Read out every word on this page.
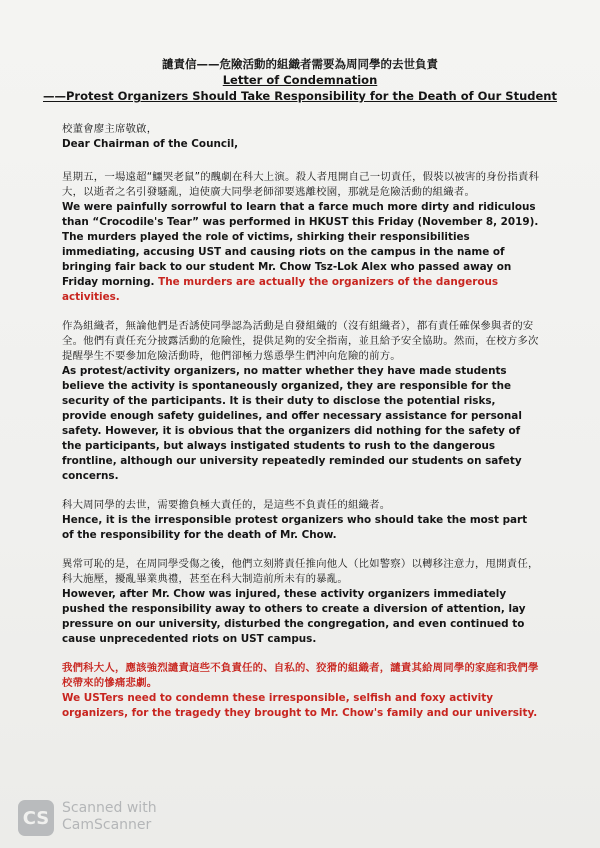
譴責信——危險活動的組織者需要為周同學的去世負責
Letter of Condemnation
——Protest Organizers Should Take Responsibility for the Death of Our Student

校董會廖主席敬啟，

Dear Chairman of the Council,

星期五，一場遠超“鱷哭老鼠”的醜劇在科大上演。殺人者甩開自己一切責任，假裝以被害的身份指責科大，以逝者之名引發騷亂，迫使廣大同學老師卻要逃離校園，那就是危險活動的組織者。

We were painfully sorrowful to learn that a farce much more dirty and ridiculous than “Crocodile's Tear” was performed in HKUST this Friday (November 8, 2019). The murders played the role of victims, shirking their responsibilities immediating, accusing UST and causing riots on the campus in the name of bringing fair back to our student Mr. Chow Tsz-Lok Alex who passed away on Friday morning. The murders are actually the organizers of the dangerous activities.

作為組織者，無論他們是否誘使同學認為活動是自發組織的（沒有組織者），都有責任確保參與者的安全。他們有責任充分披露活動的危險性，提供足夠的安全指南，並且給予安全協助。然而，在校方多次提醒學生不要參加危險活動時，他們卻極力慫恿學生們沖向危險的前方。

As protest/activity organizers, no matter whether they have made students believe the activity is spontaneously organized, they are responsible for the security of the participants. It is their duty to disclose the potential risks, provide enough safety guidelines, and offer necessary assistance for personal safety. However, it is obvious that the organizers did nothing for the safety of the participants, but always instigated students to rush to the dangerous frontline, although our university repeatedly reminded our students on safety concerns.

科大周同學的去世，需要擔負極大責任的，是這些不負責任的組織者。

Hence, it is the irresponsible protest organizers who should take the most part of the responsibility for the death of Mr. Chow.

異常可恥的是，在周同學受傷之後，他們立刻將責任推向他人（比如警察）以轉移注意力，甩開責任，科大施壓，擾亂畢業典禮，甚至在科大制造前所未有的暴亂。

However, after Mr. Chow was injured, these activity organizers immediately pushed the responsibility away to others to create a diversion of attention, lay pressure on our university, disturbed the congregation, and even continued to cause unprecedented riots on UST campus.

我們科大人，應該強烈譴責這些不負責任的、自私的、狡猾的組織者，譴責其給周同學的家庭和我們學校帶來的慘痛悲劇。

We USTers need to condemn these irresponsible, selfish and foxy activity organizers, for the tragedy they brought to Mr. Chow's family and our university.

CS Scanned with
CamScanner
